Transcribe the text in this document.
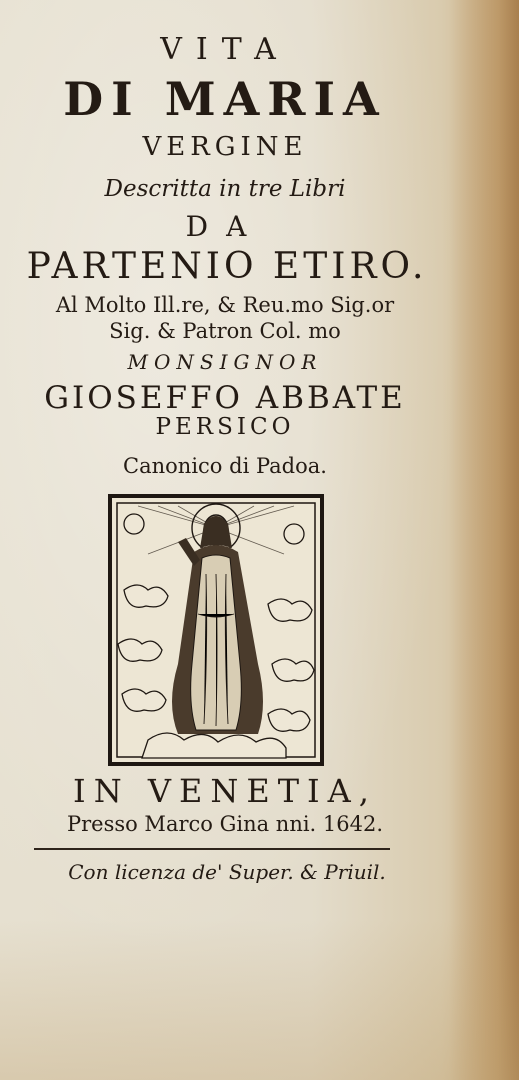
VITA
DI MARIA
VERGINE
Descritta in tre Libri
DA
PARTENIO ETIRO.
Al Molto Ill.re, & Reu.mo Sig.or
Sig. & Patron Col. mo
MONSIGNOR
GIOSEFFO ABBATE
PERSICO
Canonico di Padoa.
IN VENETIA,
Presso Marco Gina nni. 1642.
Con licenza de' Super. & Priuil.
